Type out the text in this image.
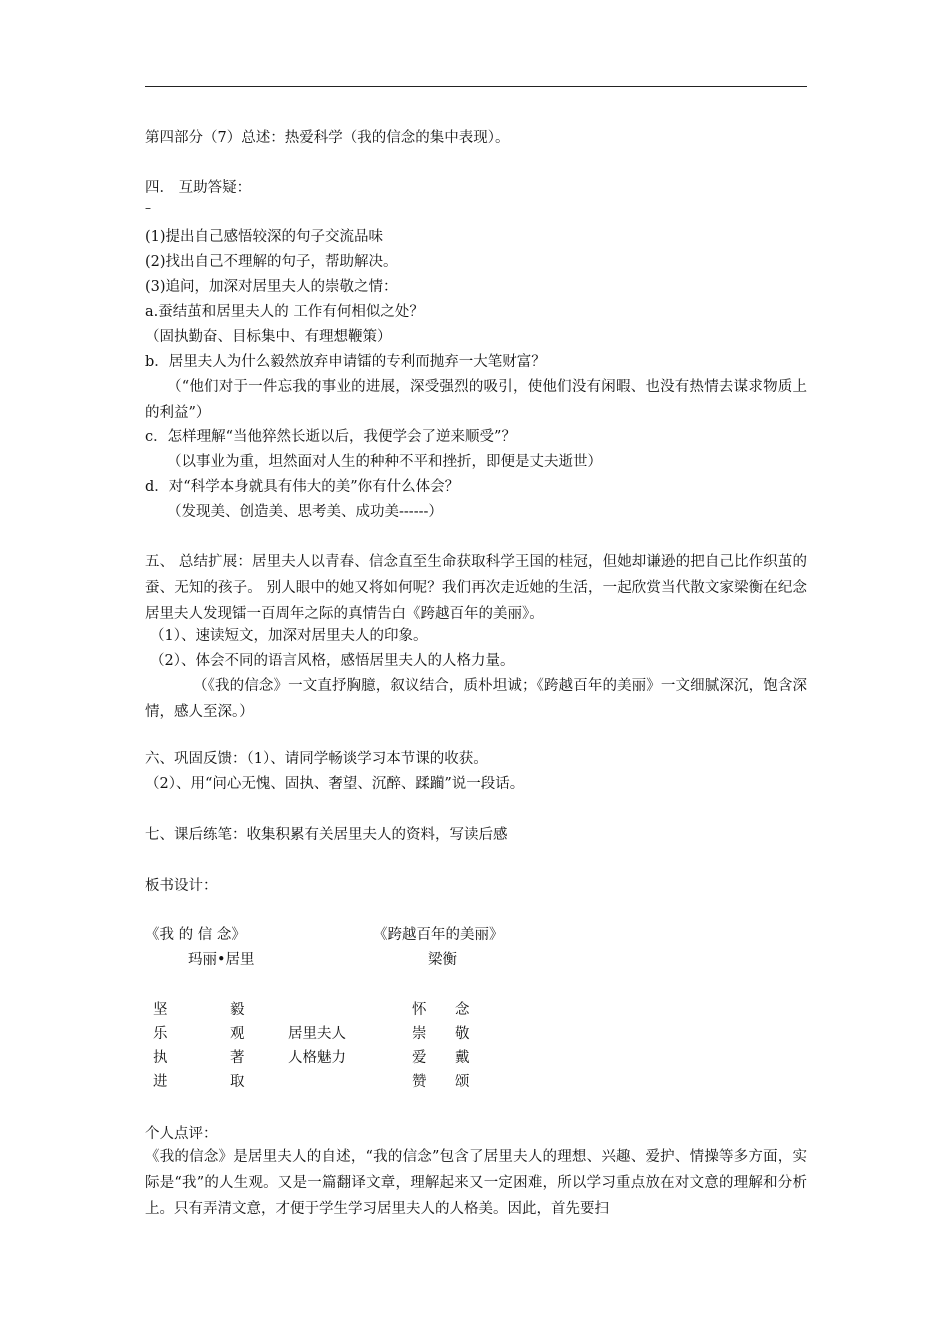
第四部分（7）总述：热爱科学（我的信念的集中表现）。
四． 互助答疑：
–
(1)提出自己感悟较深的句子交流品味
(2)找出自己不理解的句子，帮助解决。
(3)追问，加深对居里夫人的崇敬之情：
a.蚕结茧和居里夫人的 工作有何相似之处？
（固执勤奋、目标集中、有理想鞭策）
b．居里夫人为什么毅然放弃申请镭的专利而抛弃一大笔财富？
（“他们对于一件忘我的事业的进展，深受强烈的吸引，使他们没有闲暇、也没有热情去谋求物质上的利益”）
c．怎样理解“当他猝然长逝以后，我便学会了逆来顺受”？
（以事业为重，坦然面对人生的种种不平和挫折，即便是丈夫逝世）
d．对“科学本身就具有伟大的美”你有什么体会？
（发现美、创造美、思考美、成功美------）
五、 总结扩展：居里夫人以青春、信念直至生命获取科学王国的桂冠，但她却谦逊的把自己比作织茧的蚕、无知的孩子。 别人眼中的她又将如何呢？我们再次走近她的生活，一起欣赏当代散文家梁衡在纪念居里夫人发现镭一百周年之际的真情告白《跨越百年的美丽》。
（1）、速读短文，加深对居里夫人的印象。
（2）、体会不同的语言风格，感悟居里夫人的人格力量。
（《我的信念》一文直抒胸臆，叙议结合，质朴坦诚；《跨越百年的美丽》一文细腻深沉，饱含深情，感人至深。）
六、巩固反馈：（1）、请同学畅谈学习本节课的收获。
（2）、用“问心无愧、固执、奢望、沉醉、蹂躏”说一段话。
七、课后练笔：收集积累有关居里夫人的资料，写读后感
板书设计：
《我 的 信 念》	《跨越百年的美丽》
玛丽•居里	梁衡
坚
乐
执
进
毅
观
著
取
居里夫人
人格魅力
怀
崇
爱
赞
念
敬
戴
颂
个人点评：
《我的信念》是居里夫人的自述，“我的信念”包含了居里夫人的理想、兴趣、爱护、情操等多方面，实际是“我”的人生观。又是一篇翻译文章，理解起来又一定困难，所以学习重点放在对文意的理解和分析上。只有弄清文意，才便于学生学习居里夫人的人格美。因此，首先要扫
